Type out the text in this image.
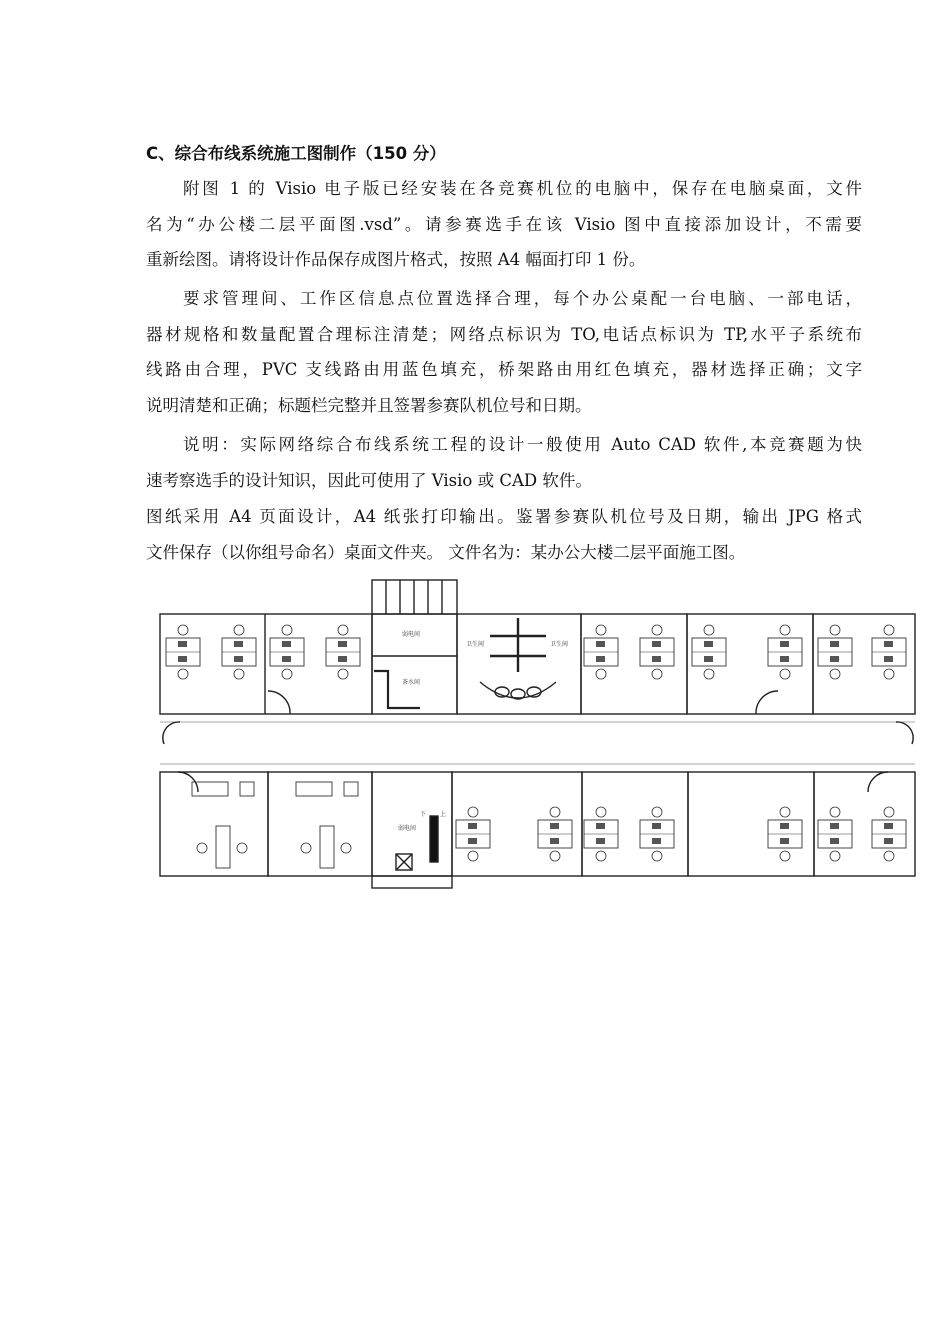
C、综合布线系统施工图制作（150 分）
附图 1 的 Visio 电子版已经安装在各竞赛机位的电脑中，保存在电脑桌面，文件
名为“办公楼二层平面图.vsd”。请参赛选手在该 Visio 图中直接添加设计，不需要
重新绘图。请将设计作品保存成图片格式，按照 A4 幅面打印 1 份。
要求管理间、工作区信息点位置选择合理，每个办公桌配一台电脑、一部电话，
器材规格和数量配置合理标注清楚；网络点标识为 TO,电话点标识为 TP,水平子系统布
线路由合理，PVC 支线路由用蓝色填充，桥架路由用红色填充，器材选择正确；文字
说明清楚和正确；标题栏完整并且签署参赛队机位号和日期。
说明：实际网络综合布线系统工程的设计一般使用 Auto CAD 软件,本竞赛题为快
速考察选手的设计知识，因此可使用了 Visio 或 CAD 软件。
图纸采用 A4 页面设计，A4 纸张打印输出。鉴署参赛队机位号及日期，输出 JPG 格式
文件保存（以你组号命名）桌面文件夹。 文件名为：某办公大楼二层平面施工图。
弱电间
茶水间
卫生间	卫生间
弱电间
下 上
